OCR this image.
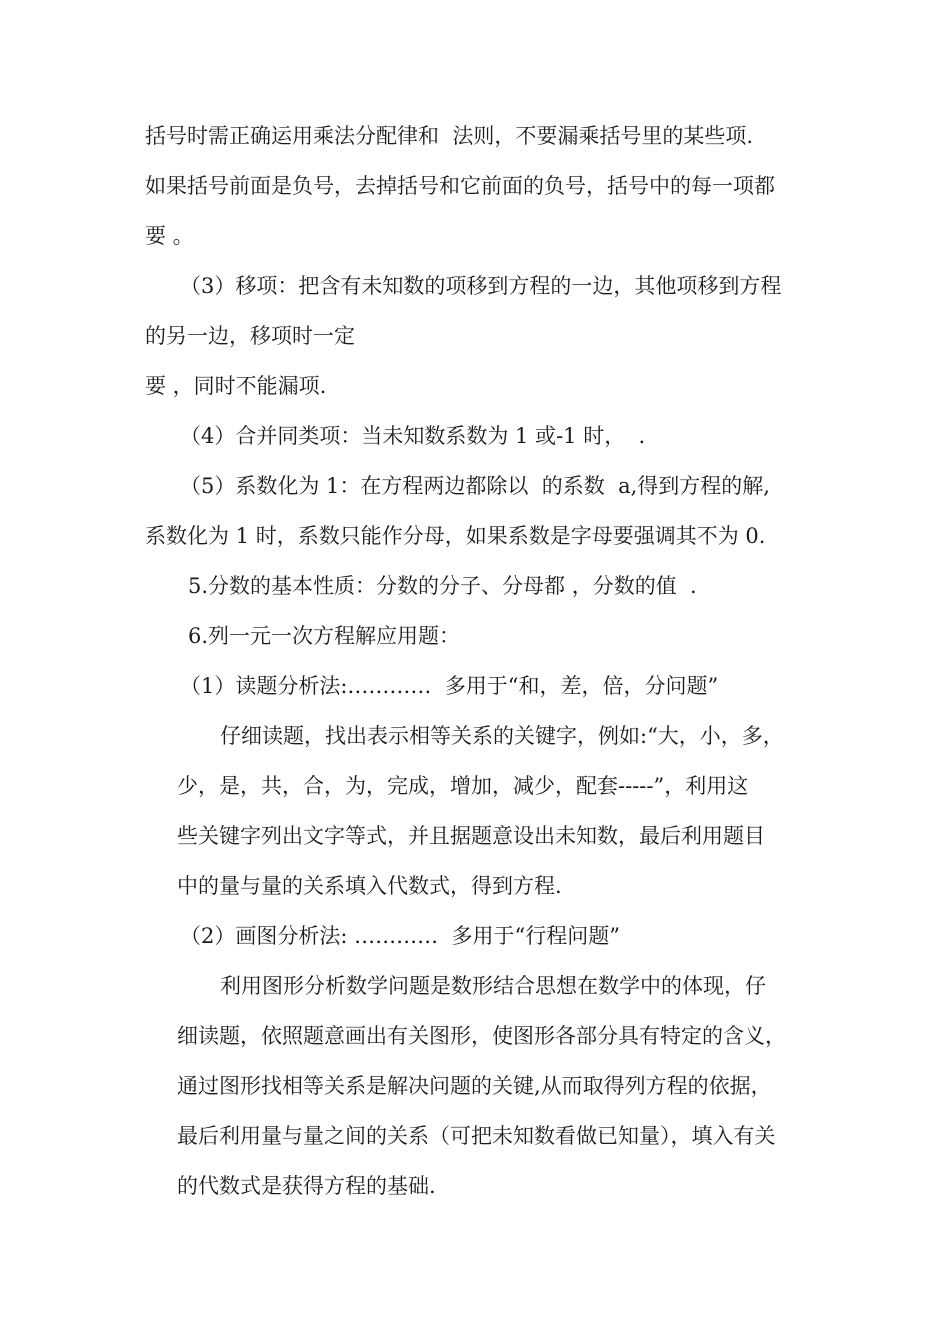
括号时需正确运用乘法分配律和  法则，不要漏乘括号里的某些项.
如果括号前面是负号，去掉括号和它前面的负号，括号中的每一项都
要 。
（3）移项：把含有未知数的项移到方程的一边，其他项移到方程
的另一边，移项时一定
要 ，同时不能漏项.
（4）合并同类项：当未知数系数为 1 或-1 时，  .
（5）系数化为 1：在方程两边都除以  的系数  a,得到方程的解,
系数化为 1 时，系数只能作分母，如果系数是字母要强调其不为 0.
5.分数的基本性质：分数的分子、分母都 ，分数的值  .
6.列一元一次方程解应用题：
（1）读题分析法:…………  多用于“和，差，倍，分问题”
仔细读题，找出表示相等关系的关键字，例如:“大，小，多，
少，是，共，合，为，完成，增加，减少，配套-----”，利用这
些关键字列出文字等式，并且据题意设出未知数，最后利用题目
中的量与量的关系填入代数式，得到方程.
（2）画图分析法: …………  多用于“行程问题”
利用图形分析数学问题是数形结合思想在数学中的体现，仔
细读题，依照题意画出有关图形，使图形各部分具有特定的含义，
通过图形找相等关系是解决问题的关键,从而取得列方程的依据，
最后利用量与量之间的关系（可把未知数看做已知量），填入有关
的代数式是获得方程的基础.
